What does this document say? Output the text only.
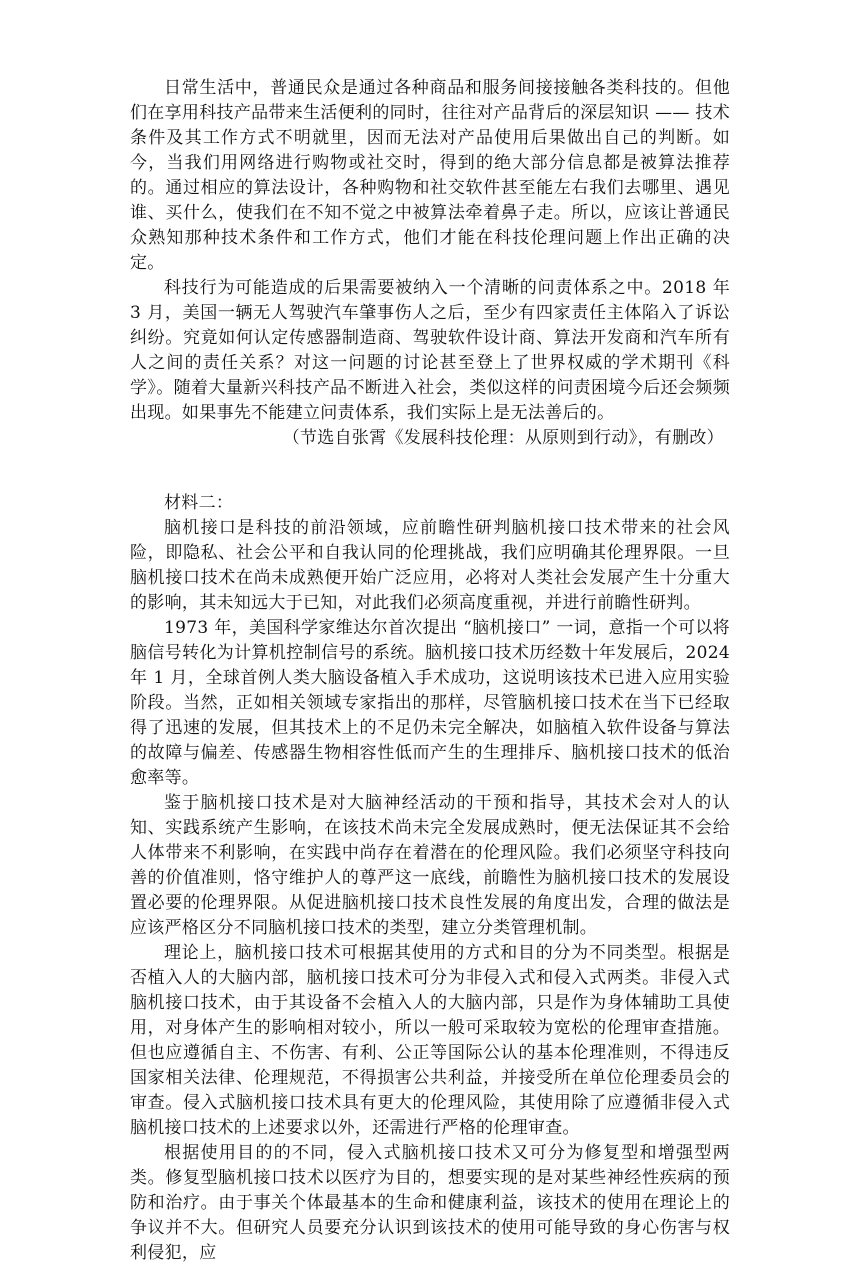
日常生活中，普通民众是通过各种商品和服务间接接触各类科技的。但他们在享用科技产品带来生活便利的同时，往往对产品背后的深层知识 —— 技术条件及其工作方式不明就里，因而无法对产品使用后果做出自己的判断。如今，当我们用网络进行购物或社交时，得到的绝大部分信息都是被算法推荐的。通过相应的算法设计，各种购物和社交软件甚至能左右我们去哪里、遇见谁、买什么，使我们在不知不觉之中被算法牵着鼻子走。所以，应该让普通民众熟知那种技术条件和工作方式，他们才能在科技伦理问题上作出正确的决定。

科技行为可能造成的后果需要被纳入一个清晰的问责体系之中。2018 年 3 月，美国一辆无人驾驶汽车肇事伤人之后，至少有四家责任主体陷入了诉讼纠纷。究竟如何认定传感器制造商、驾驶软件设计商、算法开发商和汽车所有人之间的责任关系？对这一问题的讨论甚至登上了世界权威的学术期刊《科学》。随着大量新兴科技产品不断进入社会，类似这样的问责困境今后还会频频出现。如果事先不能建立问责体系，我们实际上是无法善后的。

（节选自张霄《发展科技伦理：从原则到行动》，有删改）

材料二：

脑机接口是科技的前沿领域，应前瞻性研判脑机接口技术带来的社会风险，即隐私、社会公平和自我认同的伦理挑战，我们应明确其伦理界限。一旦脑机接口技术在尚未成熟便开始广泛应用，必将对人类社会发展产生十分重大的影响，其未知远大于已知，对此我们必须高度重视，并进行前瞻性研判。

1973 年，美国科学家维达尔首次提出 “脑机接口” 一词，意指一个可以将脑信号转化为计算机控制信号的系统。脑机接口技术历经数十年发展后，2024 年 1 月，全球首例人类大脑设备植入手术成功，这说明该技术已进入应用实验阶段。当然，正如相关领域专家指出的那样，尽管脑机接口技术在当下已经取得了迅速的发展，但其技术上的不足仍未完全解决，如脑植入软件设备与算法的故障与偏差、传感器生物相容性低而产生的生理排斥、脑机接口技术的低治愈率等。

鉴于脑机接口技术是对大脑神经活动的干预和指导，其技术会对人的认知、实践系统产生影响，在该技术尚未完全发展成熟时，便无法保证其不会给人体带来不利影响，在实践中尚存在着潜在的伦理风险。我们必须坚守科技向善的价值准则，恪守维护人的尊严这一底线，前瞻性为脑机接口技术的发展设置必要的伦理界限。从促进脑机接口技术良性发展的角度出发，合理的做法是应该严格区分不同脑机接口技术的类型，建立分类管理机制。

理论上，脑机接口技术可根据其使用的方式和目的分为不同类型。根据是否植入人的大脑内部，脑机接口技术可分为非侵入式和侵入式两类。非侵入式脑机接口技术，由于其设备不会植入人的大脑内部，只是作为身体辅助工具使用，对身体产生的影响相对较小，所以一般可采取较为宽松的伦理审查措施。但也应遵循自主、不伤害、有利、公正等国际公认的基本伦理准则，不得违反国家相关法律、伦理规范，不得损害公共利益，并接受所在单位伦理委员会的审查。侵入式脑机接口技术具有更大的伦理风险，其使用除了应遵循非侵入式脑机接口技术的上述要求以外，还需进行严格的伦理审查。

根据使用目的的不同，侵入式脑机接口技术又可分为修复型和增强型两类。修复型脑机接口技术以医疗为目的，想要实现的是对某些神经性疾病的预防和治疗。由于事关个体最基本的生命和健康利益，该技术的使用在理论上的争议并不大。但研究人员要充分认识到该技术的使用可能导致的身心伤害与权利侵犯，应
